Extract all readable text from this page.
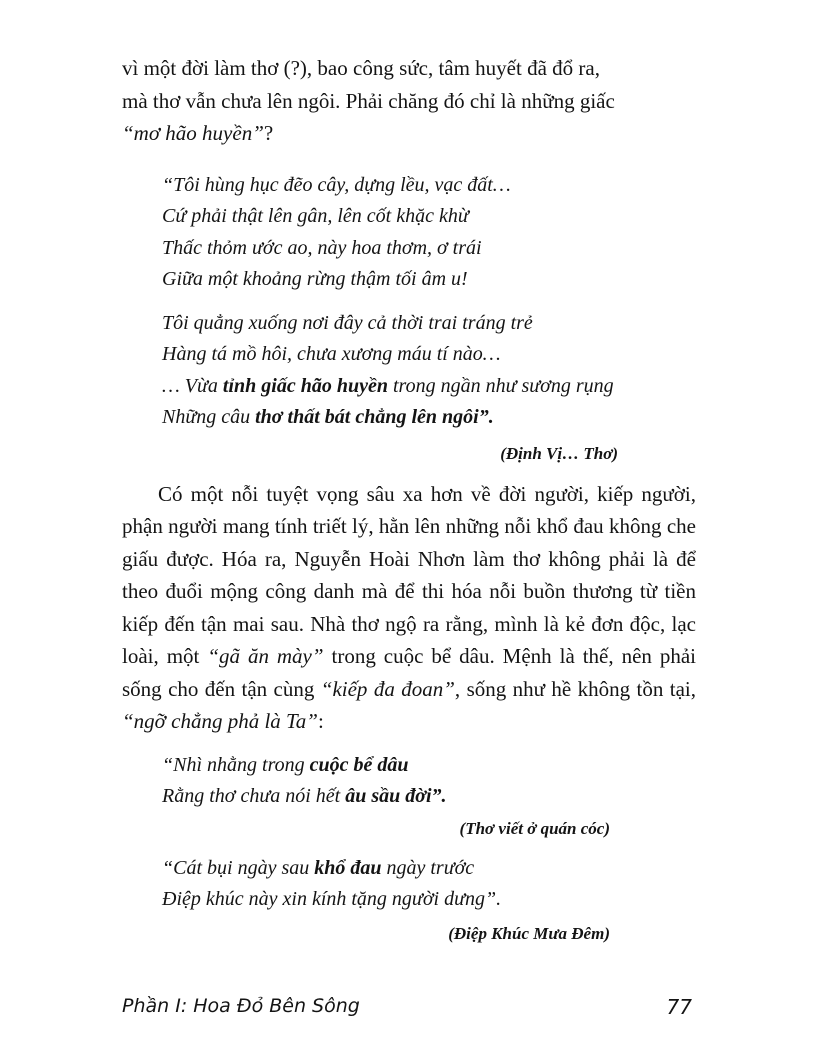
vì một đời làm thơ (?), bao công sức, tâm huyết đã đổ ra,
mà thơ vẫn chưa lên ngôi. Phải chăng đó chỉ là những giấc
“mơ hão huyền”?

“Tôi hùng hục đẽo cây, dựng lều, vạc đất…
Cứ phải thật lên gân, lên cốt khặc khừ
Thấc thỏm ước ao, này hoa thơm, ơ trái
Giữa một khoảng rừng thậm tối âm u!
Tôi quẳng xuống nơi đây cả thời trai tráng trẻ
Hàng tá mồ hôi, chưa xương máu tí nào…
… Vừa tỉnh giấc hão huyền trong ngần như sương rụng
Những câu thơ thất bát chẳng lên ngôi”.
(Định Vị… Thơ)

Có một nỗi tuyệt vọng sâu xa hơn về đời người, kiếp người, phận người mang tính triết lý, hằn lên những nỗi khổ đau không che giấu được. Hóa ra, Nguyễn Hoài Nhơn làm thơ không phải là để theo đuổi mộng công danh mà để thi hóa nỗi buồn thương từ tiền kiếp đến tận mai sau. Nhà thơ ngộ ra rằng, mình là kẻ đơn độc, lạc loài, một “gã ăn mày” trong cuộc bể dâu. Mệnh là thế, nên phải sống cho đến tận cùng “kiếp đa đoan”, sống như hề không tồn tại, “ngỡ chẳng phả là Ta”:

“Nhì nhằng trong cuộc bể dâu
Rằng thơ chưa nói hết âu sầu đời”.
(Thơ viết ở quán cóc)
“Cát bụi ngày sau khổ đau ngày trước
Điệp khúc này xin kính tặng người dưng”.
(Điệp Khúc Mưa Đêm)
Phần I: Hoa Đỏ Bên Sông	77
